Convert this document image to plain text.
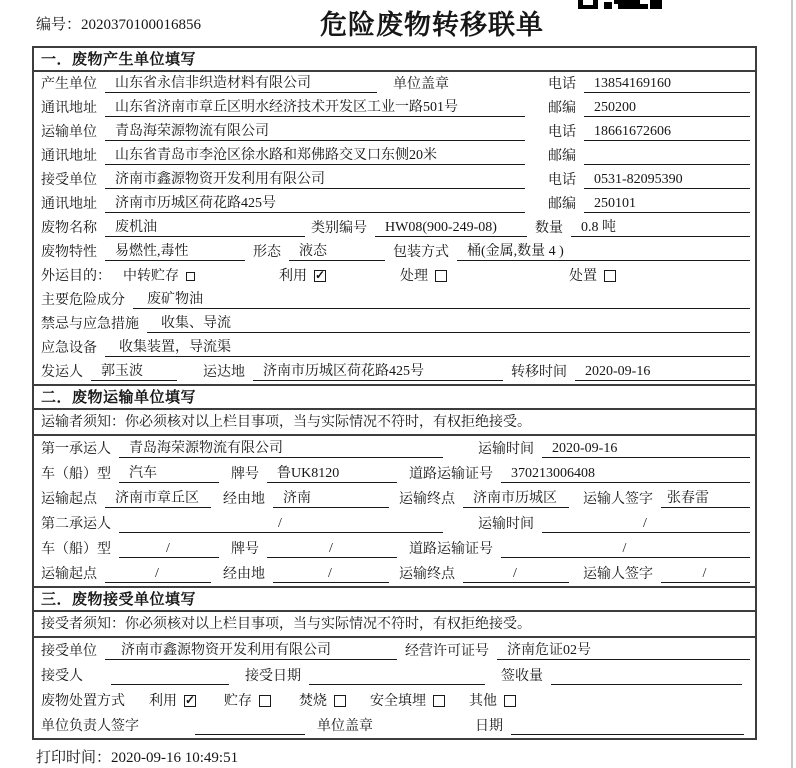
编号：2020370100016856	危险废物转移联单
一．废物产生单位填写
产生单位	山东省永信非织造材料有限公司	单位盖章	电话	13854169160
通讯地址	山东省济南市章丘区明水经济技术开发区工业一路501号	邮编	250200
运输单位	青岛海荣源物流有限公司	电话	18661672606
通讯地址	山东省青岛市李沧区徐水路和郑佛路交叉口东侧20米	邮编
接受单位	济南市鑫源物资开发利用有限公司	电话	0531-82095390
通讯地址	济南市历城区荷花路425号	邮编	250101
废物名称	废机油	类别编号	HW08(900-249-08)	数量	0.8 吨
废物特性	易燃性,毒性	形态	液态	包装方式	桶(金属,数量 4 )
外运目的： 中转贮存	利用 ✓	处理	处置
主要危险成分	废矿物油
禁忌与应急措施	收集、导流
应急设备	收集装置，导流渠
发运人	郭玉波	运达地	济南市历城区荷花路425号	转移时间	2020-09-16
二．废物运输单位填写
运输者须知：你必须核对以上栏目事项，当与实际情况不符时，有权拒绝接受。
第一承运人	青岛海荣源物流有限公司	运输时间	2020-09-16
车（船）型	汽车	牌号	鲁UK8120	道路运输证号	370213006408
运输起点	济南市章丘区	经由地	济南	运输终点	济南市历城区	运输人签字	张春雷
第二承运人	/	运输时间	/
车（船）型	/	牌号	/	道路运输证号	/
运输起点	/	经由地	/	运输终点	/	运输人签字	/
三．废物接受单位填写
接受者须知：你必须核对以上栏目事项，当与实际情况不符时，有权拒绝接受。
接受单位	济南市鑫源物资开发利用有限公司	经营许可证号	济南危证02号
接受人	接受日期	签收量
废物处置方式 利用 ✓	贮存	焚烧	安全填埋	其他
单位负责人签字	单位盖章	日期
打印时间：2020-09-16 10:49:51
